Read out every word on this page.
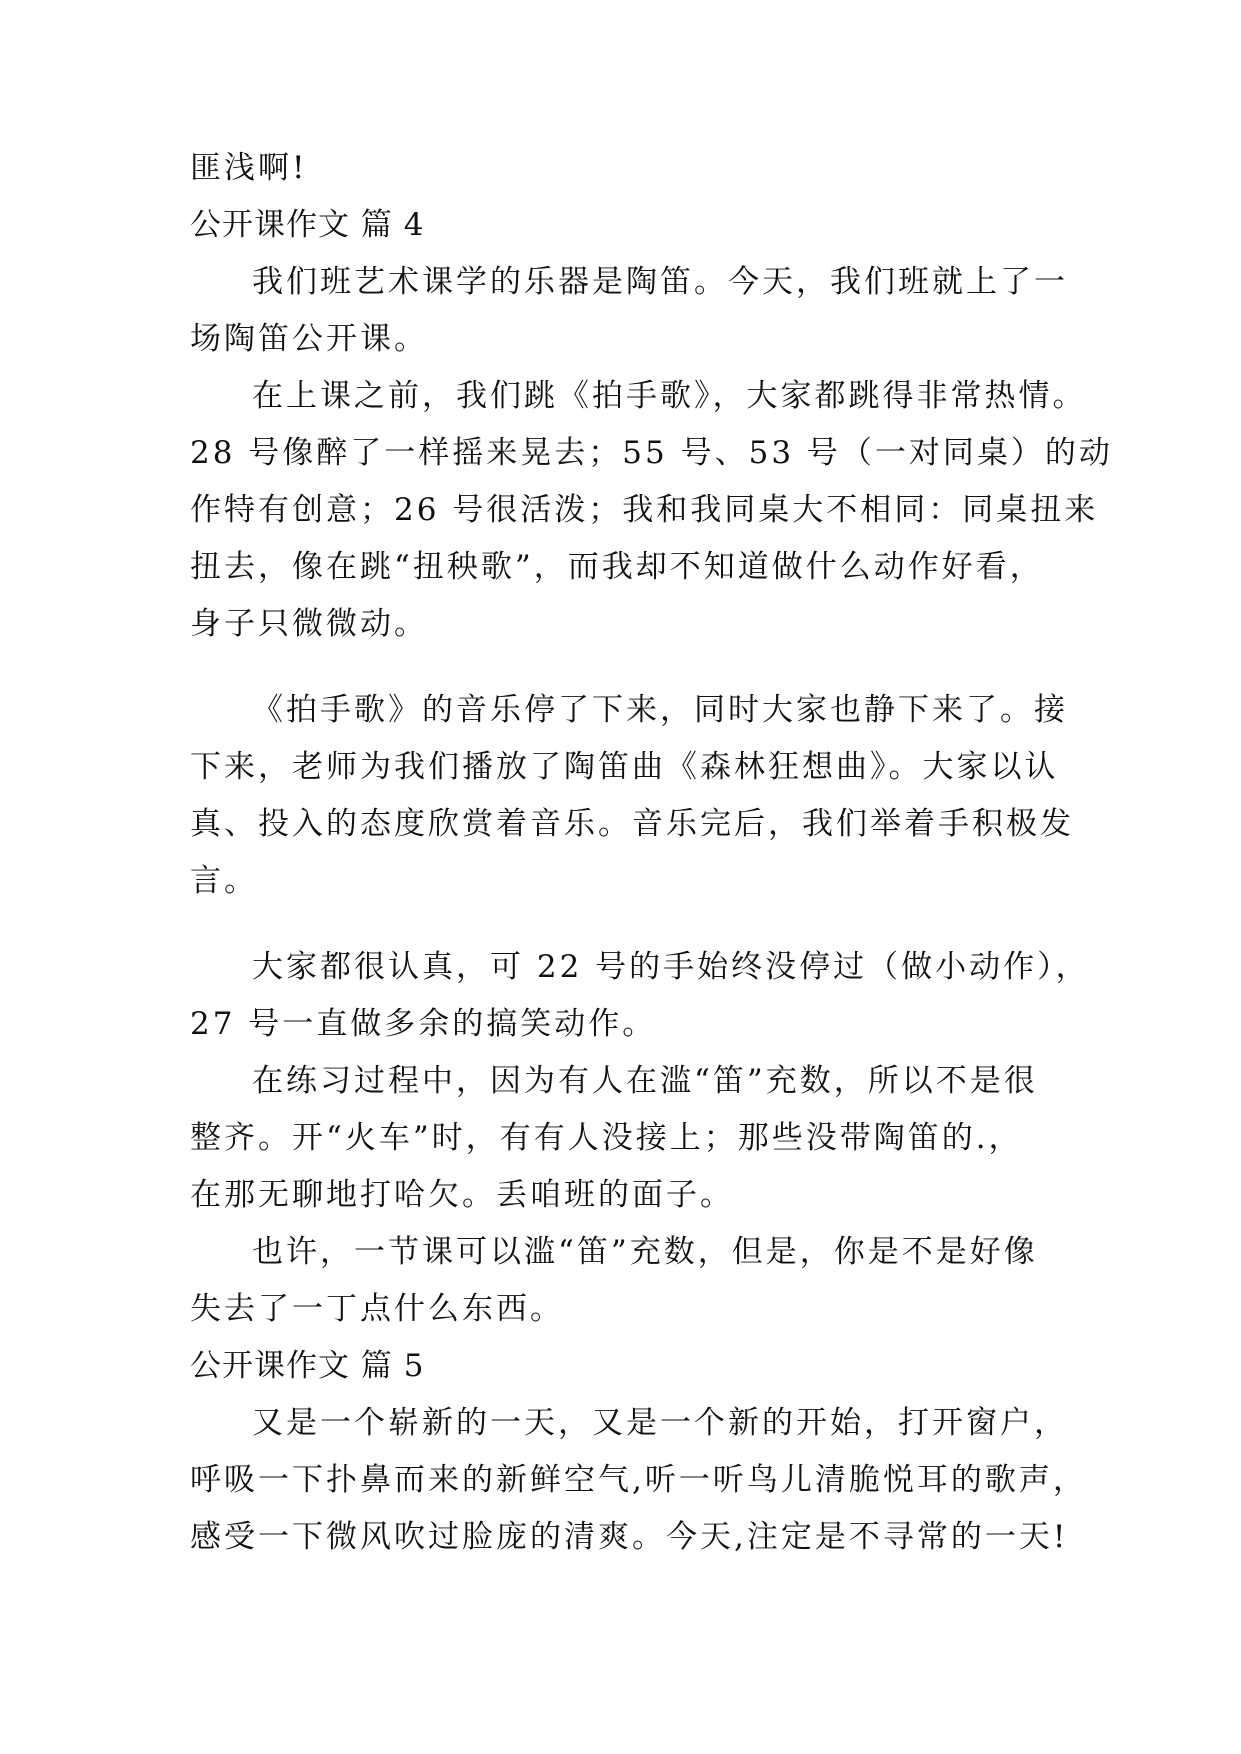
匪浅啊!
公开课作文 篇 4
我们班艺术课学的乐器是陶笛。今天，我们班就上了一
场陶笛公开课。
在上课之前，我们跳《拍手歌》，大家都跳得非常热情。
28 号像醉了一样摇来晃去；55 号、53 号（一对同桌）的动
作特有创意；26 号很活泼；我和我同桌大不相同：同桌扭来
扭去，像在跳“扭秧歌”，而我却不知道做什么动作好看，
身子只微微动。
《拍手歌》的音乐停了下来，同时大家也静下来了。接
下来，老师为我们播放了陶笛曲《森林狂想曲》。大家以认
真、投入的态度欣赏着音乐。音乐完后，我们举着手积极发
言。
大家都很认真，可 22 号的手始终没停过（做小动作），
27 号一直做多余的搞笑动作。
在练习过程中，因为有人在滥“笛”充数，所以不是很
整齐。开“火车”时，有有人没接上；那些没带陶笛的.，
在那无聊地打哈欠。丢咱班的面子。
也许，一节课可以滥“笛”充数，但是，你是不是好像
失去了一丁点什么东西。
公开课作文 篇 5
又是一个崭新的一天，又是一个新的开始，打开窗户，
呼吸一下扑鼻而来的新鲜空气,听一听鸟儿清脆悦耳的歌声，
感受一下微风吹过脸庞的清爽。今天,注定是不寻常的一天!
